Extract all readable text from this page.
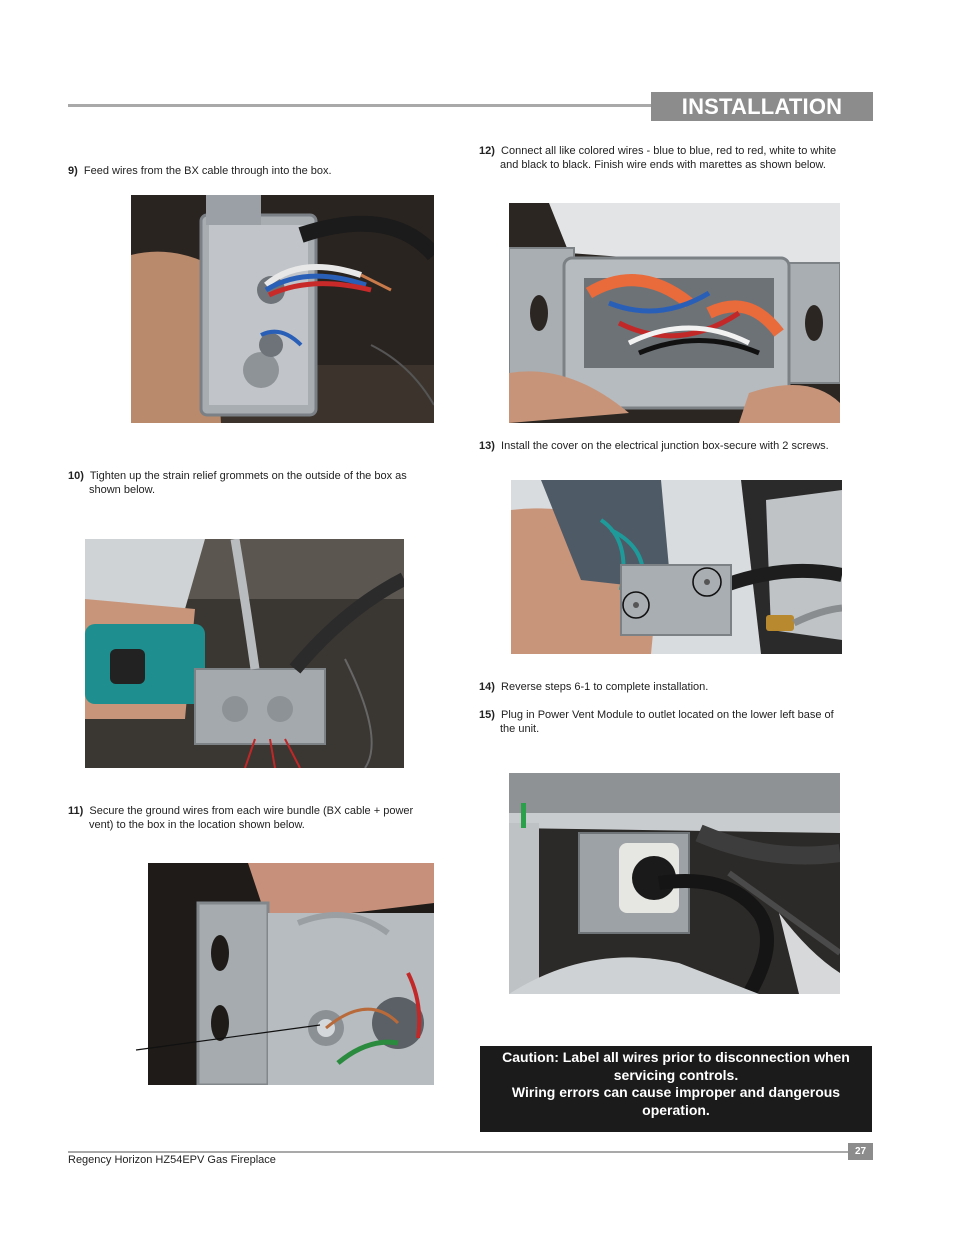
INSTALLATION
9) Feed wires from the BX cable through into the box.
10) Tighten up the strain relief grommets on the outside of the box as
shown below.
11) Secure the ground wires from each wire bundle (BX cable + power
vent) to the box in the location shown below.
12) Connect all like colored wires - blue to blue, red to red, white to white
and black to black. Finish wire ends with marettes as shown below.
13) Install the cover on the electrical junction box-secure with 2 screws.
14) Reverse steps 6-1 to complete installation.
15) Plug in Power Vent Module to outlet located on the lower left base of
the unit.
Caution: Label all wires prior to disconnection when
servicing controls.
Wiring errors can cause improper and dangerous
operation.
27
Regency Horizon HZ54EPV Gas Fireplace
